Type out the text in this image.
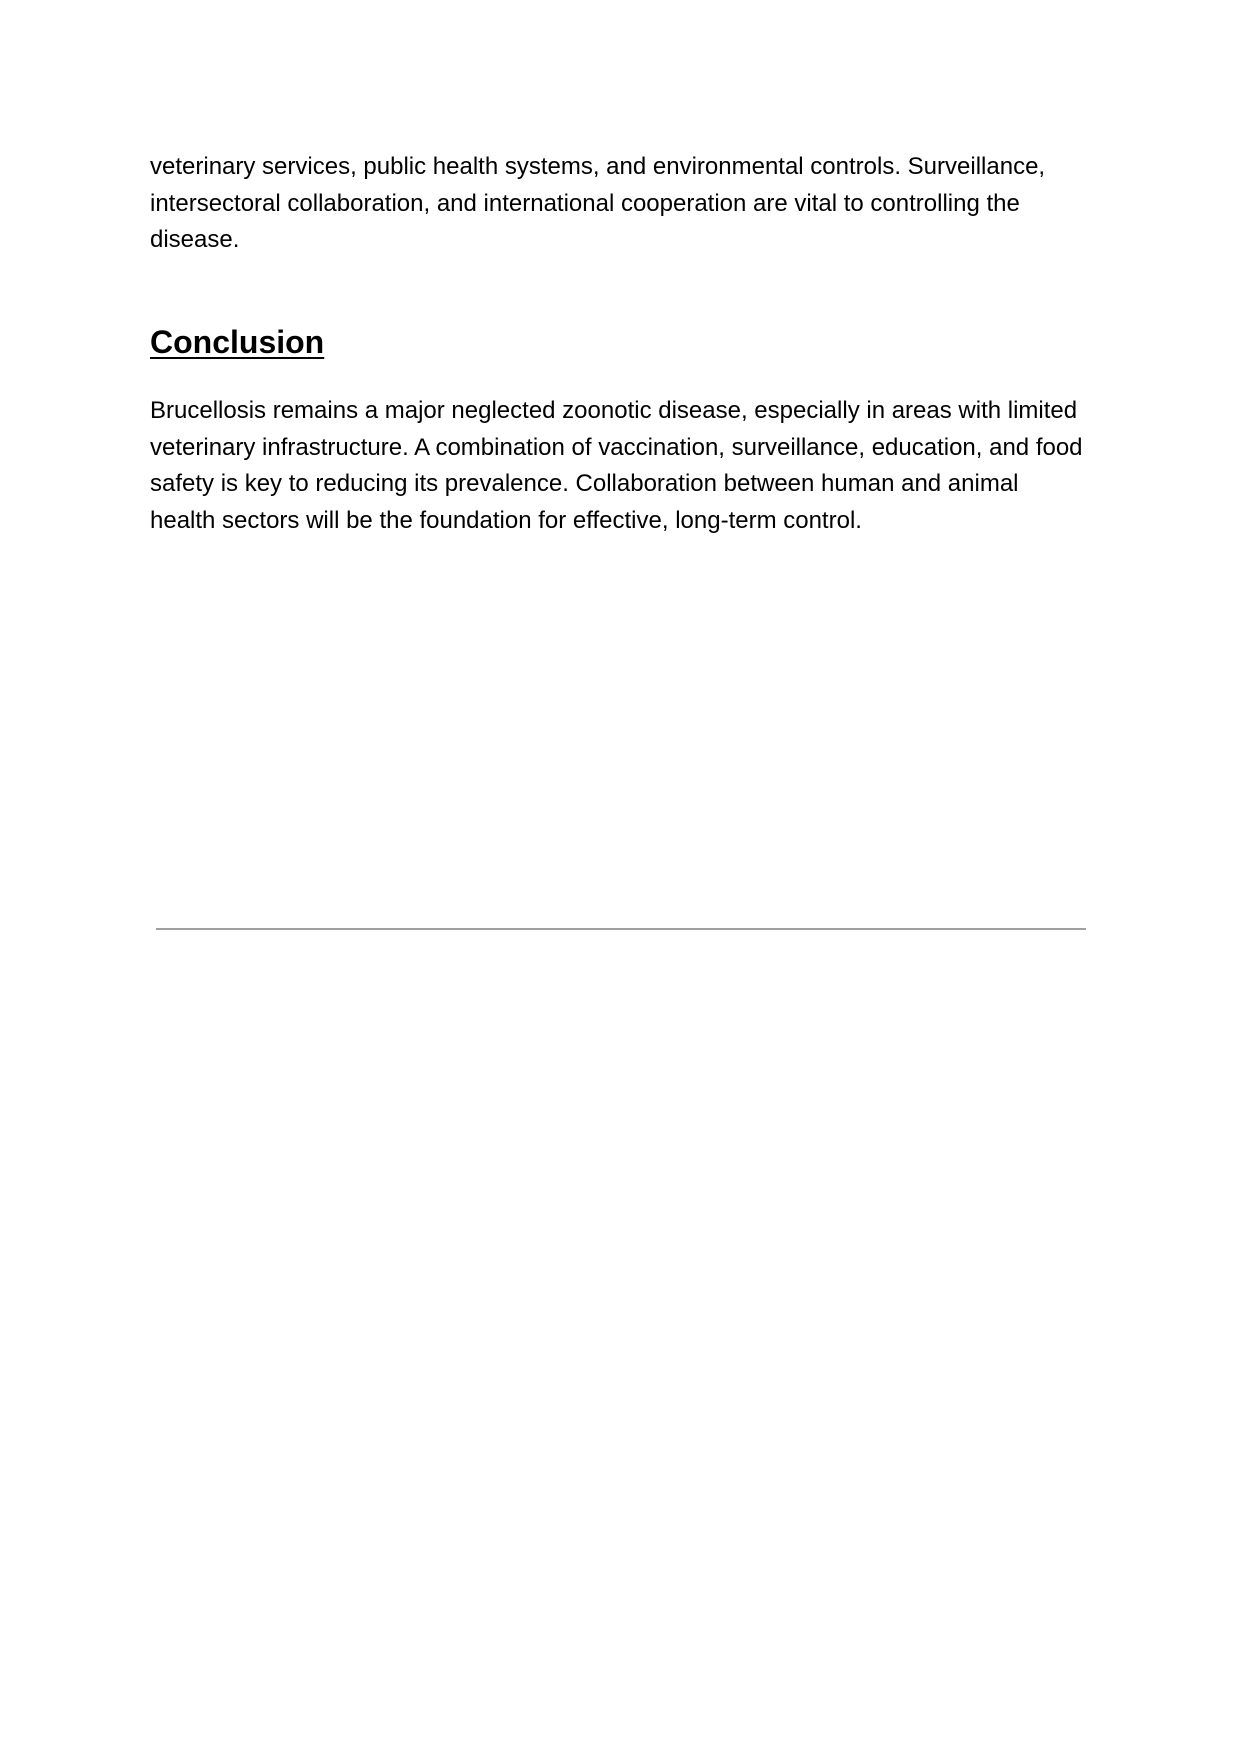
veterinary services, public health systems, and environmental controls. Surveillance, intersectoral collaboration, and international cooperation are vital to controlling the disease.

Conclusion

Brucellosis remains a major neglected zoonotic disease, especially in areas with limited veterinary infrastructure. A combination of vaccination, surveillance, education, and food safety is key to reducing its prevalence. Collaboration between human and animal health sectors will be the foundation for effective, long-term control.
